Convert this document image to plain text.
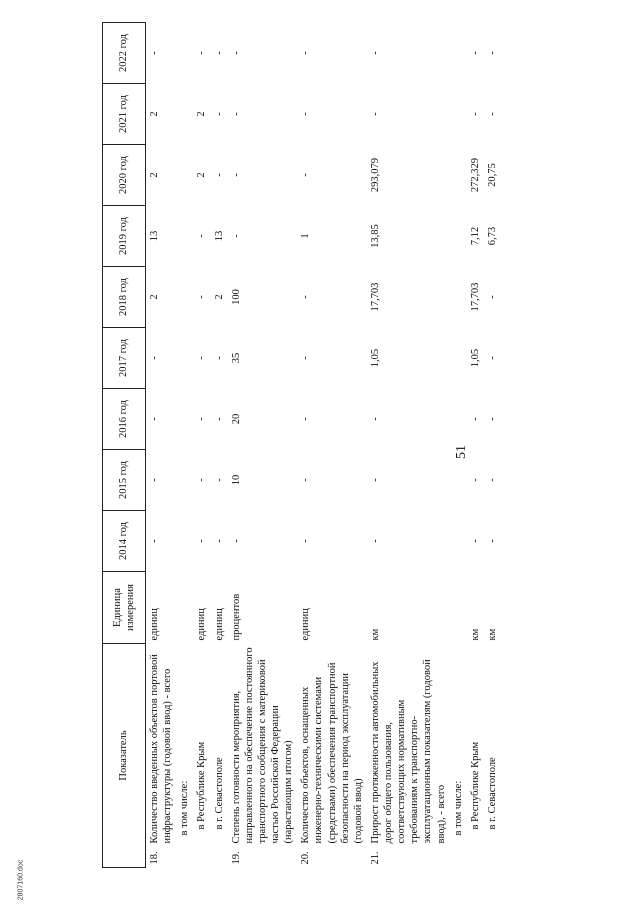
51
Показатель		Единица измерения	2014 год	2015 год	2016 год	2017 год	2018 год	2019 год	2020 год	2021 год	2022 год
18.	Количество введенных объектов портовой инфраструктуры (годовой ввод) - всего	единиц	-	-	-	-	2	13	2	2	-
	в том числе:										
	в Республике Крым	единиц	-	-	-	-	-	-	2	2	-
	в г. Севастополе	единиц	-	-	-	-	2	13	-	-	-
19.	Степень готовности мероприятия, направленного на обеспечение постоянного транспортного сообщения с материковой частью Российской Федерации (нарастающим итогом)	процентов	-	10	20	35	100	-	-	-	-
20.	Количество объектов, оснащенных инженерно-техническими системами (средствами) обеспечения транспортной безопасности на период эксплуатации (годовой ввод)	единиц	-	-	-	-	-	1	-	-	-
21.	Прирост протяженности автомобильных дорог общего пользования, соответствующих нормативным требованиям к транспортно-эксплуатационным показателям (годовой ввод), - всего	км	-	-	-	1,05	17,703	13,85	293,079	-	-
	в том числе:										
	в Республике Крым	км	-	-	-	1,05	17,703	7,12	272,329	-	-
	в г. Севастополе	км	-	-	-	-	-	6,73	20,75	-	-
2807160.doc
